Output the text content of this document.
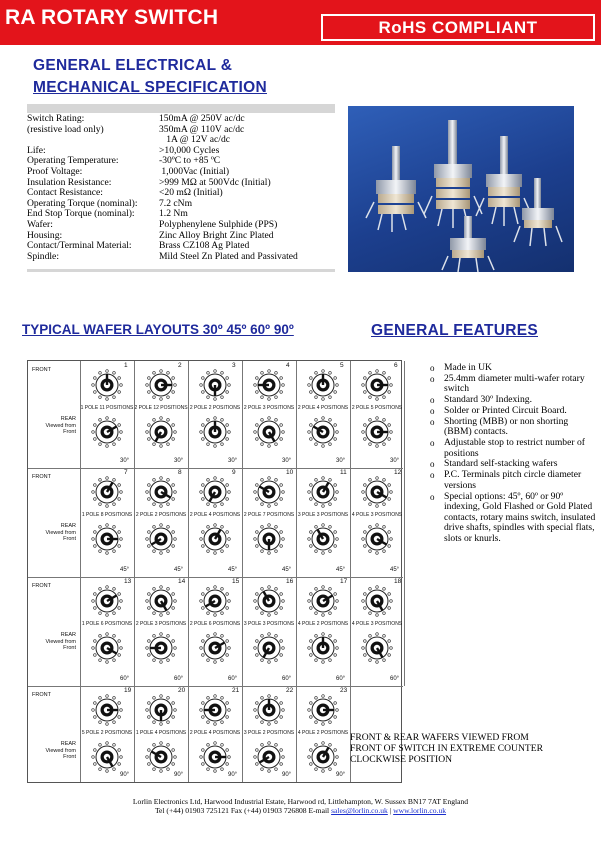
RA ROTARY SWITCH	RoHS COMPLIANT
GENERAL ELECTRICAL &
MECHANICAL SPECIFICATION
Switch Rating:	150mA @ 250V ac/dc
(resistive load only)	350mA @ 110V ac/dc
	1A @ 12V ac/dc
Life:	>10,000 Cycles
Operating Temperature:	-30ºC to +85 ºC
Proof Voltage:	1,000Vac (Initial)
Insulation Resistance:	>999 MΩ at 500Vdc (Initial)
Contact Resistance:	<20 mΩ (Initial)
Operating Torque (nominal):	7.2 cNm
End Stop Torque (nominal):	1.2 Nm
Wafer:	Polyphenylene Sulphide (PPS)
Housing:	Zinc Alloy Bright Zinc Plated
Contact/Terminal Material:	Brass CZ108 Ag Plated
Spindle:	Mild Steel Zn Plated and Passivated
TYPICAL WAFER LAYOUTS 30º 45º 60º 90º	GENERAL FEATURES
FRONT
REAR
Viewed from
Front
1
1 POLE 11 POSITIONS
30°
2
2 POLE 12 POSITIONS
30°
3
2 POLE 2 POSITIONS
30°
4
2 POLE 3 POSITIONS
30°
5
2 POLE 4 POSITIONS
30°
6
2 POLE 5 POSITIONS
30°
FRONT
REAR
Viewed from
Front
7
1 POLE 8 POSITIONS
45°
8
2 POLE 2 POSITIONS
45°
9
2 POLE 4 POSITIONS
45°
10
2 POLE 7 POSITIONS
45°
11
3 POLE 3 POSITIONS
45°
12
4 POLE 3 POSITIONS
45°
FRONT
REAR
Viewed from
Front
13
1 POLE 6 POSITIONS
60°
14
2 POLE 3 POSITIONS
60°
15
2 POLE 6 POSITIONS
60°
16
3 POLE 3 POSITIONS
60°
17
4 POLE 2 POSITIONS
60°
18
4 POLE 3 POSITIONS
60°
FRONT
REAR
Viewed from
Front
19
5 POLE 2 POSITIONS
90°
20
1 POLE 4 POSITIONS
90°
21
2 POLE 4 POSITIONS
90°
22
3 POLE 2 POSITIONS
90°
23
4 POLE 2 POSITIONS
90°
o Made in UK
o 25.4mm diameter multi-wafer rotary switch
o Standard 30º Indexing.
o Solder or Printed Circuit Board.
o Shorting (MBB) or non shorting (BBM) contacts.
o Adjustable stop to restrict number of positions
o Standard self-stacking wafers
o P.C. Terminals pitch circle diameter versions
o Special options: 45º, 60º or 90º indexing, Gold Flashed or Gold Plated contacts, rotary mains switch, insulated drive shafts, spindles with special flats, slots or knurls.
FRONT & REAR WAFERS VIEWED FROM FRONT OF SWITCH IN EXTREME COUNTER CLOCKWISE POSITION
Lorlin Electronics Ltd, Harwood Industrial Estate, Harwood rd, Littlehampton, W. Sussex BN17 7AT England
Tel (+44) 01903 725121 Fax (+44) 01903 726808 E-mail sales@lorlin.co.uk | www.lorlin.co.uk
